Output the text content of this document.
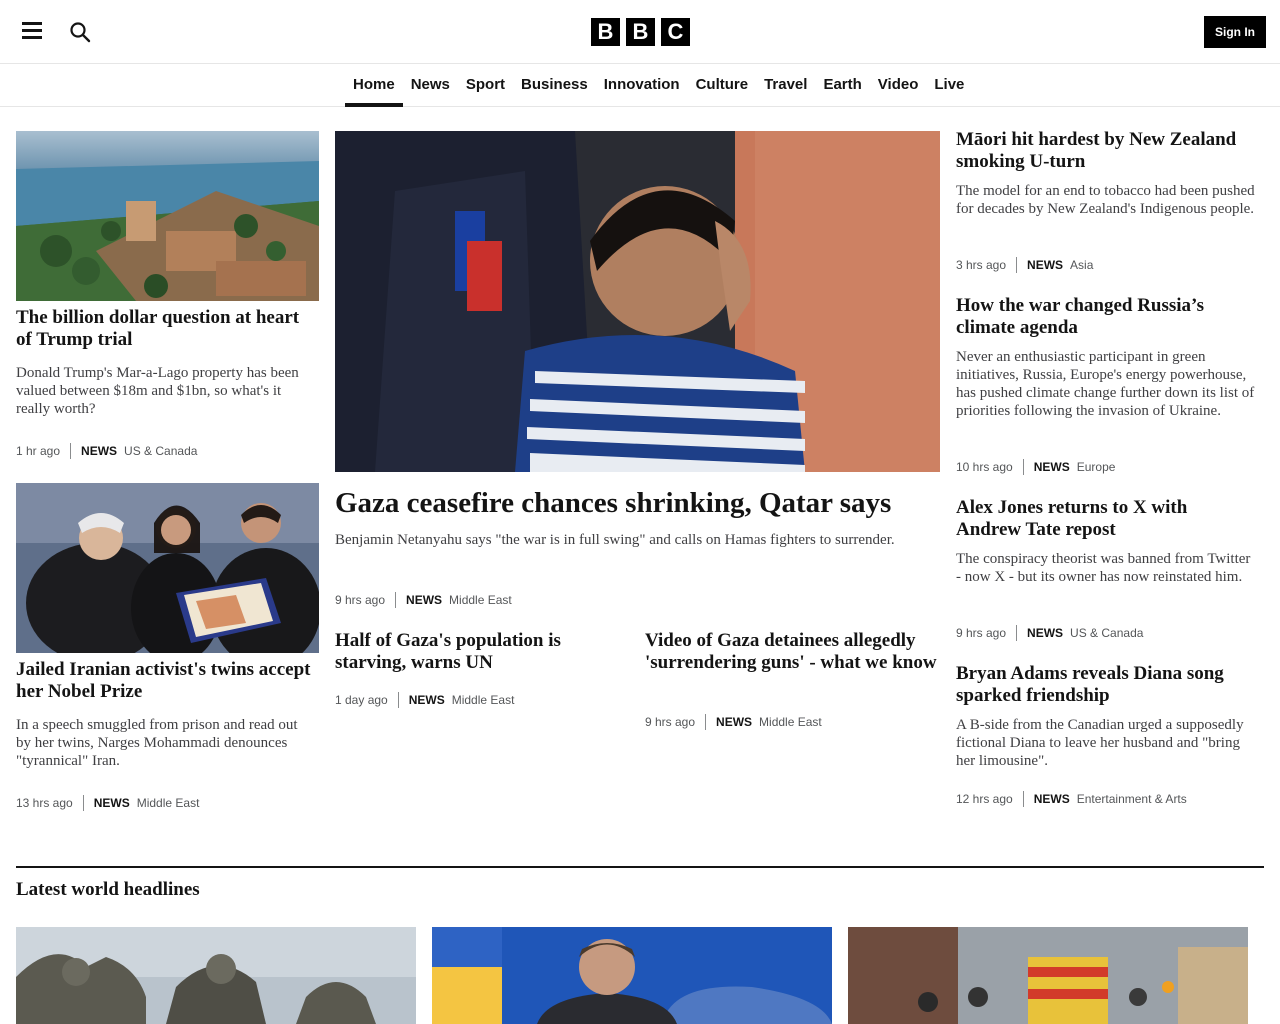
B B C	Sign In
Home	News	Sport	Business	Innovation	Culture	Travel	Earth	Video	Live
The billion dollar question at heart of Trump trial
Donald Trump's Mar-a-Lago property has been valued between $18m and $1bn, so what's it really worth?
1 hr ago NEWS US & Canada
Jailed Iranian activist's twins accept her Nobel Prize
In a speech smuggled from prison and read out by her twins, Narges Mohammadi denounces "tyrannical" Iran.
13 hrs ago NEWS Middle East
Gaza ceasefire chances shrinking, Qatar says
Benjamin Netanyahu says "the war is in full swing" and calls on Hamas fighters to surrender.
9 hrs ago NEWS Middle East
Half of Gaza's population is starving, warns UN
1 day ago NEWS Middle East
Video of Gaza detainees allegedly 'surrendering guns' - what we know
9 hrs ago NEWS Middle East
Māori hit hardest by New Zealand smoking U-turn
The model for an end to tobacco had been pushed for decades by New Zealand's Indigenous people.
3 hrs ago NEWS Asia
How the war changed Russia’s climate agenda
Never an enthusiastic participant in green initiatives, Russia, Europe's energy powerhouse, has pushed climate change further down its list of priorities following the invasion of Ukraine.
10 hrs ago NEWS Europe
Alex Jones returns to X with Andrew Tate repost
The conspiracy theorist was banned from Twitter - now X - but its owner has now reinstated him.
9 hrs ago NEWS US & Canada
Bryan Adams reveals Diana song sparked friendship
A B-side from the Canadian urged a supposedly fictional Diana to leave her husband and "bring her limousine".
12 hrs ago NEWS Entertainment & Arts
Latest world headlines
